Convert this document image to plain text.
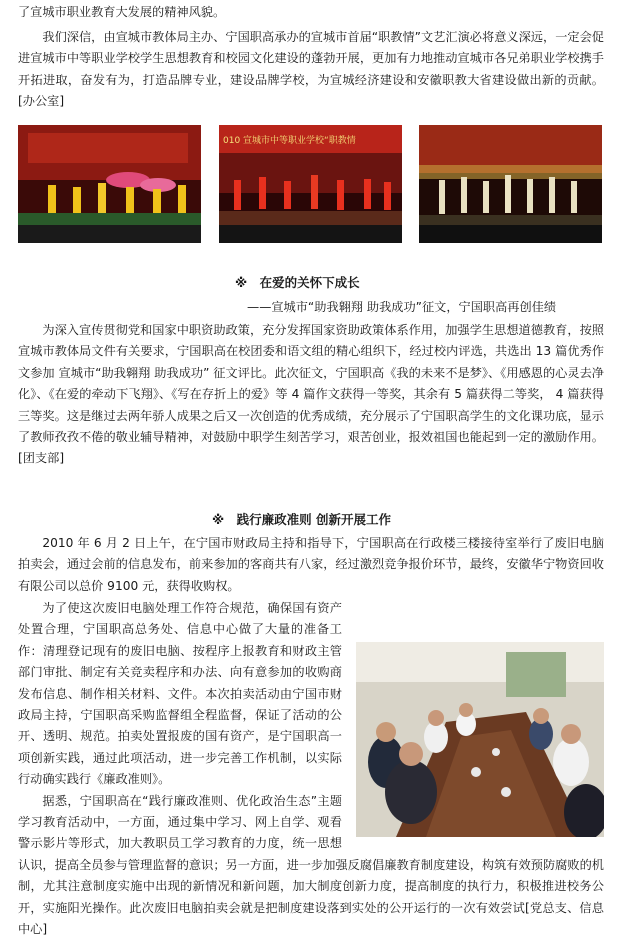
了宣城市职业教育大发展的精神风貌。

我们深信，由宣城市教体局主办、宁国职高承办的宣城市首届“职教情”文艺汇演必将意义深远，一定会促进宣城市中等职业学校学生思想教育和校园文化建设的蓬勃开展，更加有力地推动宣城市各兄弟职业学校携手开拓进取，奋发有为，打造品牌专业，建设品牌学校，为宣城经济建设和安徽职教大省建设做出新的贡献。[办公室]

010 宣城市中等职业学校“职教情

※　在爱的关怀下成长

——宣城市“助我翱翔 助我成功”征文，宁国职高再创佳绩

为深入宣传贯彻党和国家中职资助政策，充分发挥国家资助政策体系作用，加强学生思想道德教育，按照宣城市教体局文件有关要求，宁国职高在校团委和语文组的精心组织下，经过校内评选，共选出 13 篇优秀作文参加 宣城市“助我翱翔 助我成功” 征文评比。此次征文，宁国职高《我的未来不是梦》、《用感恩的心灵去净化》、《在爱的牵动下飞翔》、《写在存折上的爱》等 4 篇作文获得一等奖，其余有 5 篇获得二等奖， 4 篇获得三等奖。这是继过去两年骄人成果之后又一次创造的优秀成绩，充分展示了宁国职高学生的文化课功底，显示了教师孜孜不倦的敬业辅导精神，对鼓励中职学生刻苦学习，艰苦创业，报效祖国也能起到一定的激励作用。[团支部]

※　践行廉政准则 创新开展工作

2010 年 6 月 2 日上午，在宁国市财政局主持和指导下，宁国职高在行政楼三楼接待室举行了废旧电脑拍卖会，通过会前的信息发布，前来参加的客商共有八家，经过激烈竞争报价环节，最终，安徽华宁物资回收有限公司以总价 9100 元，获得收购权。

为了使这次废旧电脑处理工作符合规范，确保国有资产处置合理，宁国职高总务处、信息中心做了大量的准备工作：清理登记现有的废旧电脑、按程序上报教育和财政主管部门审批、制定有关竞卖程序和办法、向有意参加的收购商发布信息、制作相关材料、文件。本次拍卖活动由宁国市财政局主持，宁国职高采购监督组全程监督，保证了活动的公开、透明、规范。拍卖处置报废的国有资产，是宁国职高一项创新实践，通过此项活动，进一步完善工作机制，以实际行动确实践行《廉政准则》。

据悉，宁国职高在“践行廉政准则、优化政治生态”主题学习教育活动中，一方面，通过集中学习、网上自学、观看警示影片等形式，加大教职员工学习教育的力度，统一思想认识，提高全员参与管理监督的意识；另一方面，进一步加强反腐倡廉教育制度建设，构筑有效预防腐败的机制，尤其注意制度实施中出现的新情况和新问题，加大制度创新力度，提高制度的执行力，积极推进校务公开，实施阳光操作。此次废旧电脑拍卖会就是把制度建设落到实处的公开运行的一次有效尝试[党总支、信息中心]
